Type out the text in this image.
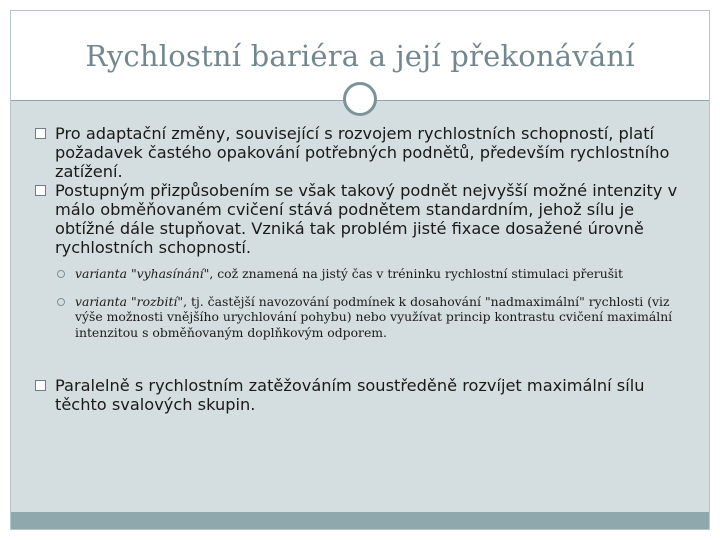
Rychlostní bariéra a její překonávání

Pro adaptační změny, související s rozvojem rychlostních schopností, platí požadavek častého opakování potřebných podnětů, především rychlostního zatížení.

Postupným přizpůsobením se však takový podnět nejvyšší možné intenzity v málo obměňovaném cvičení stává podnětem standardním, jehož sílu je obtížné dále stupňovat. Vzniká tak problém jisté fixace dosažené úrovně rychlostních schopností.

varianta "vyhasínání", což znamená na jistý čas v tréninku rychlostní stimulaci přerušit

varianta "rozbití", tj. častější navozování podmínek k dosahování "nadmaximální" rychlosti (viz výše možnosti vnějšího urychlování pohybu) nebo využívat princip kontrastu cvičení maximální intenzitou s obměňovaným doplňkovým odporem.

Paralelně s rychlostním zatěžováním soustředěně rozvíjet maximální sílu těchto svalových skupin.
